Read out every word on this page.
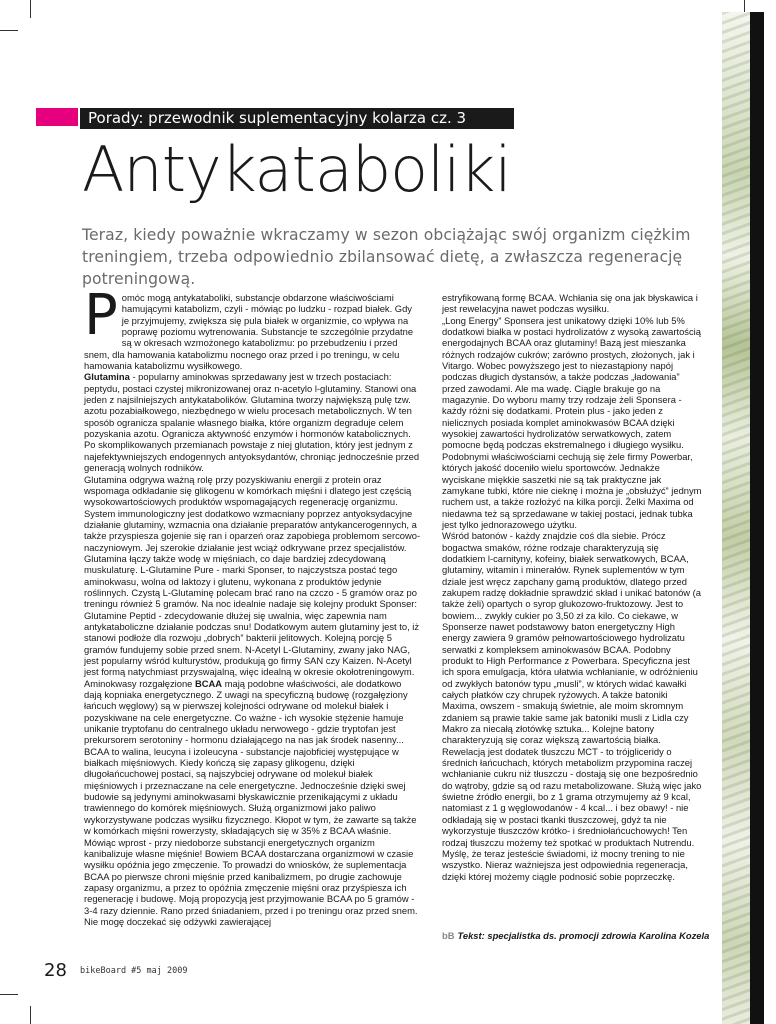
Porady: przewodnik suplementacyjny kolarza cz. 3
Antykataboliki
Teraz, kiedy poważnie wkraczamy w sezon obciążając swój organizm ciężkim treningiem, trzeba odpowiednio zbilansować dietę, a zwłaszcza regenerację potreningową.

Pomóc mogą antykataboliki, substancje obdarzone właściwościami hamującymi katabolizm, czyli - mówiąc po ludzku - rozpad białek. Gdy je przyjmujemy, zwiększa się pula białek w organizmie, co wpływa na poprawę poziomu wytrenowania. Substancje te szczególnie przydatne są w okresach wzmożonego katabolizmu: po przebudzeniu i przed snem, dla hamowania katabolizmu nocnego oraz przed i po treningu, w celu hamowania katabolizmu wysiłkowego.

Glutamina - popularny aminokwas sprzedawany jest w trzech postaciach: peptydu, postaci czystej mikronizowanej oraz n-acetylo l-glutaminy. Stanowi ona jeden z najsilniejszych antykatabolików. Glutamina tworzy największą pulę tzw. azotu pozabiałkowego, niezbędnego w wielu procesach metabolicznych. W ten sposób ogranicza spalanie własnego białka, które organizm degraduje celem pozyskania azotu. Ogranicza aktywność enzymów i hormonów katabolicznych. Po skomplikowanych przemianach powstaje z niej glutation, który jest jednym z najefektywniejszych endogennych antyoksydantów, chroniąc jednocześnie przed generacją wolnych rodników.

Glutamina odgrywa ważną rolę przy pozyskiwaniu energii z protein oraz wspomaga odkładanie się glikogenu w komórkach mięśni i dlatego jest częścią wysokowartościowych produktów wspomagających regenerację organizmu. System immunologiczny jest dodatkowo wzmacniany poprzez antyoksydacyjne działanie glutaminy, wzmacnia ona działanie preparatów antykancerogennych, a także przyspiesza gojenie się ran i oparzeń oraz zapobiega problemom sercowo-naczyniowym. Jej szerokie działanie jest wciąż odkrywane przez specjalistów. Glutamina łączy także wodę w mięśniach, co daje bardziej zdecydowaną muskulaturę. L-Glutamine Pure - marki Sponser, to najczystsza postać tego aminokwasu, wolna od laktozy i glutenu, wykonana z produktów jedynie roślinnych. Czystą L-Glutaminę polecam brać rano na czczo - 5 gramów oraz po treningu również 5 gramów. Na noc idealnie nadaje się kolejny produkt Sponser: Glutamine Peptid - zdecydowanie dłużej się uwalnia, więc zapewnia nam antykataboliczne działanie podczas snu! Dodatkowym autem glutaminy jest to, iż stanowi podłoże dla rozwoju „dobrych” bakterii jelitowych. Kolejną porcję 5 gramów fundujemy sobie przed snem. N-Acetyl L-Glutaminy, zwany jako NAG, jest popularny wśród kulturystów, produkują go firmy SAN czy Kaizen. N-Acetyl jest formą natychmiast przyswajalną, więc idealną w okresie okołotreningowym.

Aminokwasy rozgałęzione BCAA mają podobne właściwości, ale dodatkowo dają kopniaka energetycznego. Z uwagi na specyficzną budowę (rozgałęziony łańcuch węglowy) są w pierwszej kolejności odrywane od molekuł białek i pozyskiwane na cele energetyczne. Co ważne - ich wysokie stężenie hamuje unikanie tryptofanu do centralnego układu nerwowego - gdzie tryptofan jest prekursorem serotoniny - hormonu działającego na nas jak środek nasenny... BCAA to walina, leucyna i izoleucyna - substancje najobficiej występujące w białkach mięśniowych. Kiedy kończą się zapasy glikogenu, dzięki długołańcuchowej postaci, są najszybciej odrywane od molekuł białek mięśniowych i przeznaczane na cele energetyczne. Jednocześnie dzięki swej budowie są jedynymi aminokwasami błyskawicznie przenikającymi z układu trawiennego do komórek mięśniowych. Służą organizmowi jako paliwo wykorzystywane podczas wysiłku fizycznego. Kłopot w tym, że zawarte są także w komórkach mięśni rowerzysty, składających się w 35% z BCAA właśnie. Mówiąc wprost - przy niedoborze substancji energetycznych organizm kanibalizuje własne mięśnie! Bowiem BCAA dostarczana organizmowi w czasie wysiłku opóźnia jego zmęczenie. To prowadzi do wniosków, że suplementacja BCAA po pierwsze chroni mięśnie przed kanibalizmem, po drugie zachowuje zapasy organizmu, a przez to opóźnia zmęczenie mięśni oraz przyśpiesza ich regenerację i budowę. Moją propozycją jest przyjmowanie BCAA po 5 gramów - 3-4 razy dziennie. Rano przed śniadaniem, przed i po treningu oraz przed snem. Nie mogę doczekać się odżywki zawierającej

estryfikowaną formę BCAA. Wchłania się ona jak błyskawica i jest rewelacyjna nawet podczas wysiłku.

„Long Energy” Sponsera jest unikatowy dzięki 10% lub 5% dodatkowi białka w postaci hydrolizatów z wysoką zawartością energodajnych BCAA oraz glutaminy! Bazą jest mieszanka różnych rodzajów cukrów; zarówno prostych, złożonych, jak i Vitargo. Wobec powyższego jest to niezastąpiony napój podczas długich dystansów, a także podczas „ładowania” przed zawodami. Ale ma wadę. Ciągle brakuje go na magazynie. Do wyboru mamy trzy rodzaje żeli Sponsera - każdy różni się dodatkami. Protein plus - jako jeden z nielicznych posiada komplet aminokwasów BCAA dzięki wysokiej zawartości hydrolizatów serwatkowych, zatem pomocne będą podczas ekstremalnego i długiego wysiłku. Podobnymi właściwościami cechują się żele firmy Powerbar, których jakość doceniło wielu sportowców. Jednakże wyciskane miękkie saszetki nie są tak praktyczne jak zamykane tubki, które nie cieknę i można je „obsłużyć” jednym ruchem ust, a także rozłożyć na kilka porcji. Żelki Maxima od niedawna też są sprzedawane w takiej postaci, jednak tubka jest tylko jednorazowego użytku.

Wśród batonów - każdy znajdzie coś dla siebie. Prócz bogactwa smaków, różne rodzaje charakteryzują się dodatkiem l-carnityny, kofeiny, białek serwatkowych, BCAA, glutaminy, witamin i minerałów. Rynek suplementów w tym dziale jest wręcz zapchany gamą produktów, dlatego przed zakupem radzę dokładnie sprawdzić skład i unikać batonów (a także żeli) opartych o syrop glukozowo-fruktozowy. Jest to bowiem... zwykły cukier po 3,50 zł za kilo. Co ciekawe, w Sponserze nawet podstawowy baton energetyczny High energy zawiera 9 gramów pełnowartościowego hydrolizatu serwatki z kompleksem aminokwasów BCAA. Podobny produkt to High Performance z Powerbara. Specyficzna jest ich spora emulgacja, która ułatwia wchłanianie, w odróżnieniu od zwykłych batonów typu „musli”, w których widać kawałki całych płatków czy chrupek ryżowych. A także batoniki Maxima, owszem - smakują świetnie, ale moim skromnym zdaniem są prawie takie same jak batoniki musli z Lidla czy Makro za niecałą złotówkę sztuka... Kolejne batony charakteryzują się coraz większą zawartością białka. Rewelacją jest dodatek tłuszczu MCT - to trójgliceridy o średnich łańcuchach, których metabolizm przypomina raczej wchłanianie cukru niż tłuszczu - dostają się one bezpośrednio do wątroby, gdzie są od razu metabolizowane. Służą więc jako świetne źródło energii, bo z 1 grama otrzymujemy aż 9 kcal, natomiast z 1 g węglowodanów - 4 kcal... i bez obawy! - nie odkładają się w postaci tkanki tłuszczowej, gdyż ta nie wykorzystuje tłuszczów krótko- i średniołańcuchowych! Ten rodzaj tłuszczu możemy też spotkać w produktach Nutrendu.

Myślę, że teraz jesteście świadomi, iż mocny trening to nie wszystko. Nieraz ważniejsza jest odpowiednia regeneracja, dzięki której możemy ciągle podnosić sobie poprzeczkę.

bB Tekst: specjalistka ds. promocji zdrowia Karolina Kozela
28 bikeBoard #5 maj 2009
